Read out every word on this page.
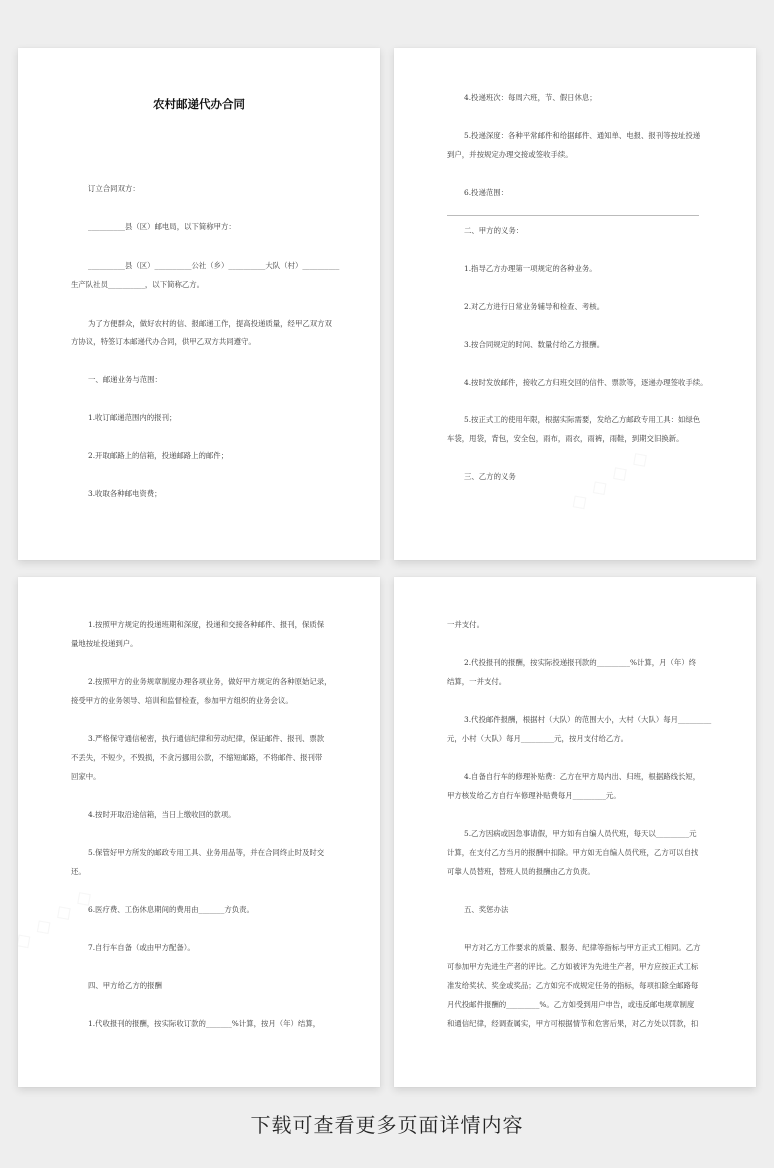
农村邮递代办合同

订立合同双方：

__________县（区）邮电局，以下简称甲方：

__________县（区）__________公社（乡）__________大队（村）__________

生产队社员__________，以下简称乙方。

为了方便群众，做好农村的信、报邮递工作，提高投递质量，经甲乙双方双

方协议，特签订本邮递代办合同，供甲乙双方共同遵守。

一、邮递业务与范围：

1.收订邮递范围内的报刊；

2.开取邮路上的信箱，投递邮路上的邮件；

3.收取各种邮电资费；

4.投递班次：每周六班，节、假日休息；

5.投递深度：各种平常邮件和给据邮件、通知单、电报、报刊等按址投递

到户，并按规定办理交接或签收手续。

6.投递范围：

二、甲方的义务：

1.指导乙方办理第一项规定的各种业务。

2.对乙方进行日常业务辅导和检查、考核。

3.按合同规定的时间、数量付给乙方报酬。

4.按时发放邮件，接收乙方归班交回的信件、票款等，逐递办理签收手续。

5.按正式工的使用年限，根据实际需要，发给乙方邮政专用工具：如绿色

车袋，甩袋，背包，安全包，雨布，雨衣，雨裤，雨鞋，到期交旧换新。

三、乙方的义务

1.按照甲方规定的投递班期和深度，投递和交接各种邮件、报刊，保质保

量地按址投递到户。

2.按照甲方的业务规章制度办理各项业务，做好甲方规定的各种原始记录，

接受甲方的业务领导、培训和监督检查，参加甲方组织的业务会议。

3.严格保守通信秘密，执行通信纪律和劳动纪律，保证邮件、报刊、票款

不丢失，不短少，不毁损，不贪污挪用公款，不缩短邮路，不将邮件、报刊带

回家中。

4.按时开取沿途信箱，当日上缴收回的款项。

5.保管好甲方所发的邮政专用工具、业务用品等，并在合同终止时及时交

还。

6.医疗费、工伤休息期间的费用由_______方负责。

7.自行车自备（或由甲方配备）。

四、甲方给乙方的报酬

1.代收报刊的报酬，按实际收订款的_______%计算，按月（年）结算，

一并支付。

2.代投报刊的报酬，按实际投递报刊款的_________%计算，月（年）终

结算，一并支付。

3.代投邮件报酬，根据村（大队）的范围大小，大村（大队）每月_________

元，小村（大队）每月_________元，按月支付给乙方。

4.自备自行车的修理补贴费：乙方在甲方局内出、归班，根据路线长短，

甲方核发给乙方自行车修理补贴费每月_________元。

5.乙方因病或因急事请假，甲方如有自编人员代班，每天以_________元

计算，在支付乙方当月的报酬中扣除。甲方如无自编人员代班，乙方可以自找

可靠人员替班，替班人员的报酬由乙方负责。

五、奖惩办法

甲方对乙方工作要求的质量、服务、纪律等指标与甲方正式工相同。乙方

可参加甲方先进生产者的评比。乙方如被评为先进生产者，甲方应按正式工标

准发给奖状、奖金或奖品；乙方如完不成规定任务的指标，每项扣除全邮路每

月代投邮件报酬的_________%。乙方如受到用户申告，或违反邮电规章制度

和通信纪律，经调查属实，甲方可根据情节和危害后果，对乙方处以罚款，扣

下载可查看更多页面详情内容
